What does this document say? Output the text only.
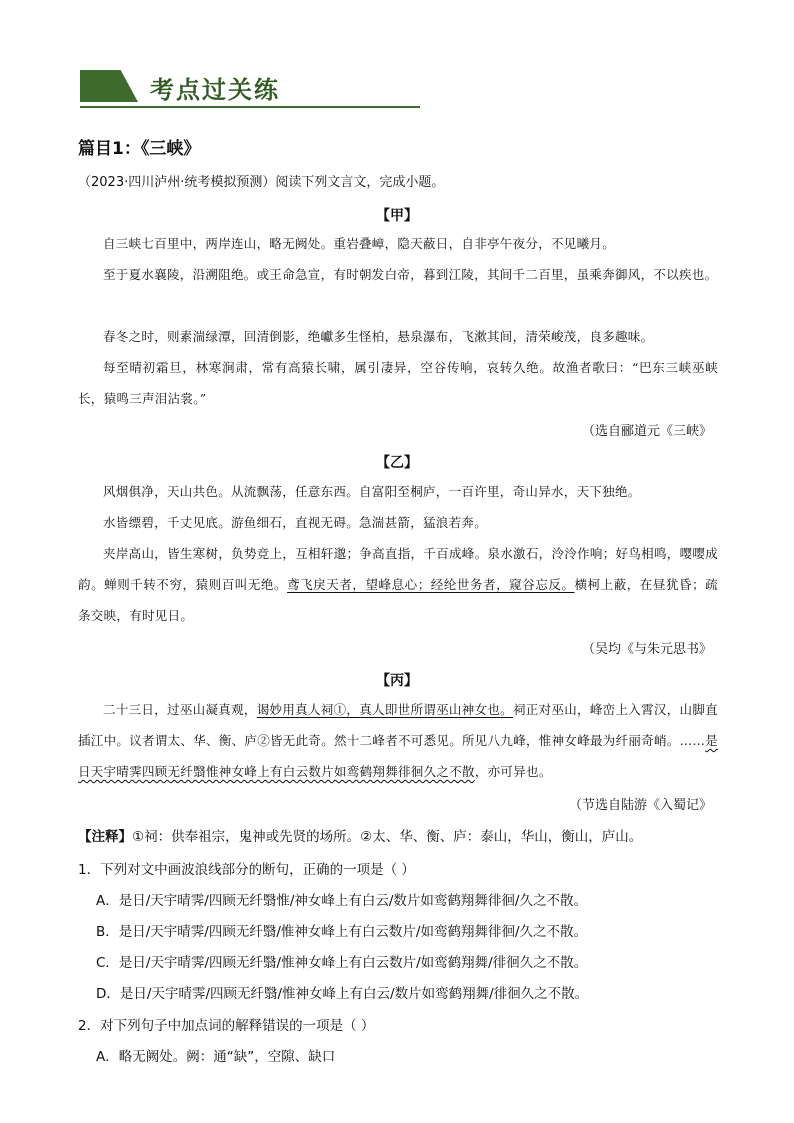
考点过关练
篇目1：《三峡》
（2023·四川泸州·统考模拟预测）阅读下列文言文，完成小题。
【甲】
自三峡七百里中，两岸连山，略无阙处。重岩叠嶂，隐天蔽日，自非亭午夜分，不见曦月。
至于夏水襄陵，沿溯阻绝。或王命急宣，有时朝发白帝，暮到江陵，其间千二百里，虽乘奔御风，不以疾也。
春冬之时，则素湍绿潭，回清倒影，绝巘多生怪柏，悬泉瀑布，飞漱其间，清荣峻茂，良多趣味。
每至晴初霜旦，林寒涧肃，常有高猿长啸，属引凄异，空谷传响，哀转久绝。故渔者歌曰：“巴东三峡巫峡长，猿鸣三声泪沾裳。”
（选自郦道元《三峡》
【乙】
风烟俱净，天山共色。从流飘荡，任意东西。自富阳至桐庐，一百许里，奇山异水，天下独绝。
水皆缥碧，千丈见底。游鱼细石，直视无碍。急湍甚箭，猛浪若奔。
夹岸高山，皆生寒树，负势竞上，互相轩邈；争高直指，千百成峰。泉水激石，泠泠作响；好鸟相鸣，嘤嘤成韵。蝉则千转不穷，猿则百叫无绝。鸢飞戾天者，望峰息心；经纶世务者，窥谷忘反。横柯上蔽，在昼犹昏；疏条交映，有时见日。
（吴均《与朱元思书》
【丙】
二十三日，过巫山凝真观，谒妙用真人祠①，真人即世所谓巫山神女也。祠正对巫山，峰峦上入霄汉，山脚直插江中。议者谓太、华、衡、庐②皆无此奇。然十二峰者不可悉见。所见八九峰，惟神女峰最为纤丽奇峭。……是日天宇晴霁四顾无纤翳惟神女峰上有白云数片如鸾鹤翔舞徘徊久之不散，亦可异也。
（节选自陆游《入蜀记》
【注释】①祠：供奉祖宗，鬼神或先贤的场所。②太、华、衡、庐：泰山，华山，衡山，庐山。
1．下列对文中画波浪线部分的断句，正确的一项是（ ）
A．是日/天宇晴霁/四顾无纤翳惟/神女峰上有白云/数片如鸾鹤翔舞徘徊/久之不散。
B．是日/天宇晴霁/四顾无纤翳/惟神女峰上有白云数片/如鸾鹤翔舞徘徊/久之不散。
C．是日/天宇晴霁/四顾无纤翳/惟神女峰上有白云数片/如鸾鹤翔舞/徘徊久之不散。
D．是日/天宇晴霁/四顾无纤翳/惟神女峰上有白云/数片如鸾鹤翔舞/徘徊久之不散。
2．对下列句子中加点词的解释错误的一项是（ ）
A．略无阙处。阙：通“缺”，空隙、缺口
